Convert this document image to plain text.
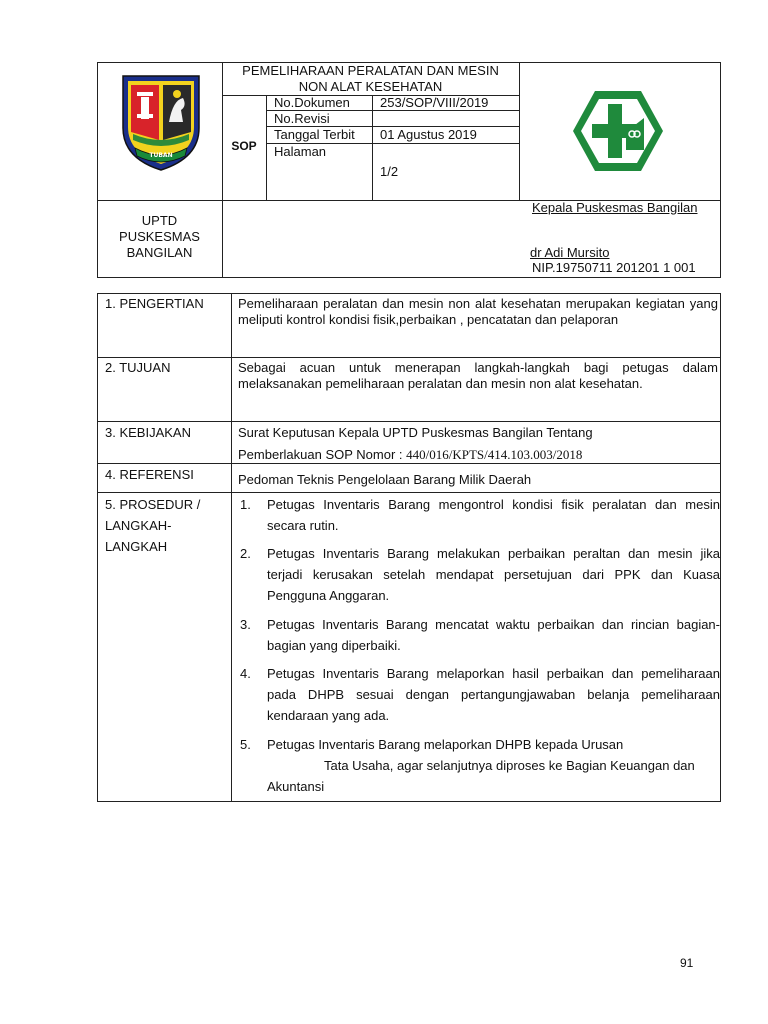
TUBAN
PEMELIHARAAN PERALATAN DAN MESIN
NON ALAT KESEHATAN
SOP
No.Dokumen 253/SOP/VIII/2019
No.Revisi
Tanggal Terbit 01 Agustus 2019
Halaman
1/2
UPTD
PUSKESMAS
BANGILAN
Kepala Puskesmas Bangilan
dr Adi Mursito
NIP.19750711 201201 1 001
1. PENGERTIAN	Pemeliharaan peralatan dan mesin non alat kesehatan merupakan kegiatan yang meliputi kontrol kondisi fisik,perbaikan , pencatatan dan pelaporan
2. TUJUAN	Sebagai acuan untuk menerapan langkah-langkah bagi petugas dalam melaksanakan pemeliharaan peralatan dan mesin non alat kesehatan.
3. KEBIJAKAN	Surat Keputusan Kepala UPTD Puskesmas Bangilan Tentang
Pemberlakuan SOP Nomor : 440/016/KPTS/414.103.003/2018
4. REFERENSI	Pedoman Teknis Pengelolaan Barang Milik Daerah
5. PROSEDUR /
LANGKAH-
LANGKAH
1.	Petugas Inventaris Barang mengontrol kondisi fisik peralatan dan mesin secara rutin.
2.	Petugas Inventaris Barang melakukan perbaikan peraltan dan mesin jika terjadi kerusakan setelah mendapat persetujuan dari PPK dan Kuasa Pengguna Anggaran.
3.	Petugas Inventaris Barang mencatat waktu perbaikan dan rincian bagian-bagian yang diperbaiki.
4.	Petugas Inventaris Barang melaporkan hasil perbaikan dan pemeliharaan pada DHPB sesuai dengan pertangungjawaban belanja pemeliharaan kendaraan yang ada.
5.	Petugas Inventaris Barang melaporkan DHPB kepada Urusan
Tata Usaha, agar selanjutnya diproses ke Bagian Keuangan dan
Akuntansi
91
